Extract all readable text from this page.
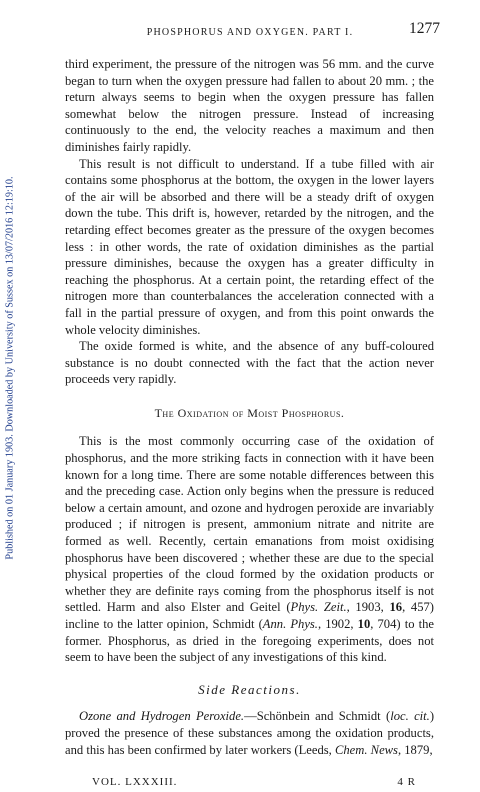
Published on 01 January 1903. Downloaded by University of Sussex on 13/07/2016 12:19:10.
PHOSPHORUS AND OXYGEN. PART I.	1277

third experiment, the pressure of the nitrogen was 56 mm. and the curve began to turn when the oxygen pressure had fallen to about 20 mm. ; the return always seems to begin when the oxygen pressure has fallen somewhat below the nitrogen pressure. Instead of increasing continuously to the end, the velocity reaches a maximum and then diminishes fairly rapidly.

This result is not difficult to understand. If a tube filled with air contains some phosphorus at the bottom, the oxygen in the lower layers of the air will be absorbed and there will be a steady drift of oxygen down the tube. This drift is, however, retarded by the nitrogen, and the retarding effect becomes greater as the pressure of the oxygen becomes less : in other words, the rate of oxidation diminishes as the partial pressure diminishes, because the oxygen has a greater difficulty in reaching the phosphorus. At a certain point, the retarding effect of the nitrogen more than counterbalances the acceleration connected with a fall in the partial pressure of oxygen, and from this point onwards the whole velocity diminishes.

The oxide formed is white, and the absence of any buff-coloured substance is no doubt connected with the fact that the action never proceeds very rapidly.

The Oxidation of Moist Phosphorus.

This is the most commonly occurring case of the oxidation of phosphorus, and the more striking facts in connection with it have been known for a long time. There are some notable differences between this and the preceding case. Action only begins when the pressure is reduced below a certain amount, and ozone and hydrogen peroxide are invariably produced ; if nitrogen is present, ammonium nitrate and nitrite are formed as well. Recently, certain emanations from moist oxidising phosphorus have been discovered ; whether these are due to the special physical properties of the cloud formed by the oxidation products or whether they are definite rays coming from the phosphorus itself is not settled. Harm and also Elster and Geitel (Phys. Zeit., 1903, 16, 457) incline to the latter opinion, Schmidt (Ann. Phys., 1902, 10, 704) to the former. Phosphorus, as dried in the foregoing experiments, does not seem to have been the subject of any investigations of this kind.

Side Reactions.

Ozone and Hydrogen Peroxide.—Schönbein and Schmidt (loc. cit.) proved the presence of these substances among the oxidation products, and this has been confirmed by later workers (Leeds, Chem. News, 1879,

VOL. LXXXIII.	4 R
